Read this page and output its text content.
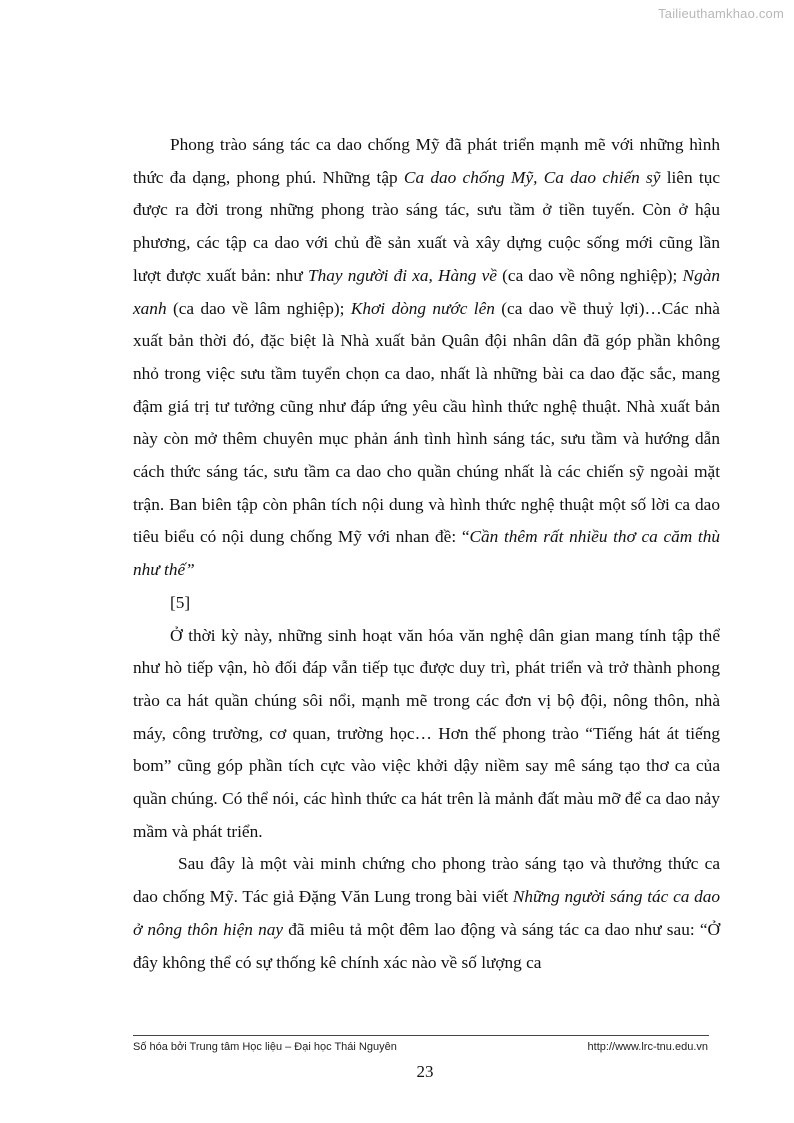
Tailieuthamkhao.com

Phong trào sáng tác ca dao chống Mỹ đã phát triển mạnh mẽ với những hình thức đa dạng, phong phú. Những tập Ca dao chống Mỹ, Ca dao chiến sỹ liên tục được ra đời trong những phong trào sáng tác, sưu tầm ở tiền tuyến. Còn ở hậu phương, các tập ca dao với chủ đề sản xuất và xây dựng cuộc sống mới cũng lần lượt được xuất bản: như Thay người đi xa, Hàng về (ca dao về nông nghiệp); Ngàn xanh (ca dao về lâm nghiệp); Khơi dòng nước lên (ca dao về thuỷ lợi)…Các nhà xuất bản thời đó, đặc biệt là Nhà xuất bản Quân đội nhân dân đã góp phần không nhỏ trong việc sưu tầm tuyển chọn ca dao, nhất là những bài ca dao đặc sắc, mang đậm giá trị tư tưởng cũng như đáp ứng yêu cầu hình thức nghệ thuật. Nhà xuất bản này còn mở thêm chuyên mục phản ánh tình hình sáng tác, sưu tầm và hướng dẫn cách thức sáng tác, sưu tầm ca dao cho quần chúng nhất là các chiến sỹ ngoài mặt trận. Ban biên tập còn phân tích nội dung và hình thức nghệ thuật một số lời ca dao tiêu biểu có nội dung chống Mỹ với nhan đề: “Cần thêm rất nhiều thơ ca căm thù như thế”
[5]

Ở thời kỳ này, những sinh hoạt văn hóa văn nghệ dân gian mang tính tập thể như hò tiếp vận, hò đối đáp vẫn tiếp tục được duy trì, phát triển và trở thành phong trào ca hát quần chúng sôi nổi, mạnh mẽ trong các đơn vị bộ đội, nông thôn, nhà máy, công trường, cơ quan, trường học… Hơn thế phong trào “Tiếng hát át tiếng bom” cũng góp phần tích cực vào việc khởi dậy niềm say mê sáng tạo thơ ca của quần chúng. Có thể nói, các hình thức ca hát trên là mảnh đất màu mỡ để ca dao nảy mầm và phát triển.

Sau đây là một vài minh chứng cho phong trào sáng tạo và thưởng thức ca dao chống Mỹ. Tác giả Đặng Văn Lung trong bài viết Những người sáng tác ca dao ở nông thôn hiện nay đã miêu tả một đêm lao động và sáng tác ca dao như sau: “Ở đây không thể có sự thống kê chính xác nào về số lượng ca

Số hóa bởi Trung tâm Học liệu – Đại học Thái Nguyên	http://www.lrc-tnu.edu.vn
23
